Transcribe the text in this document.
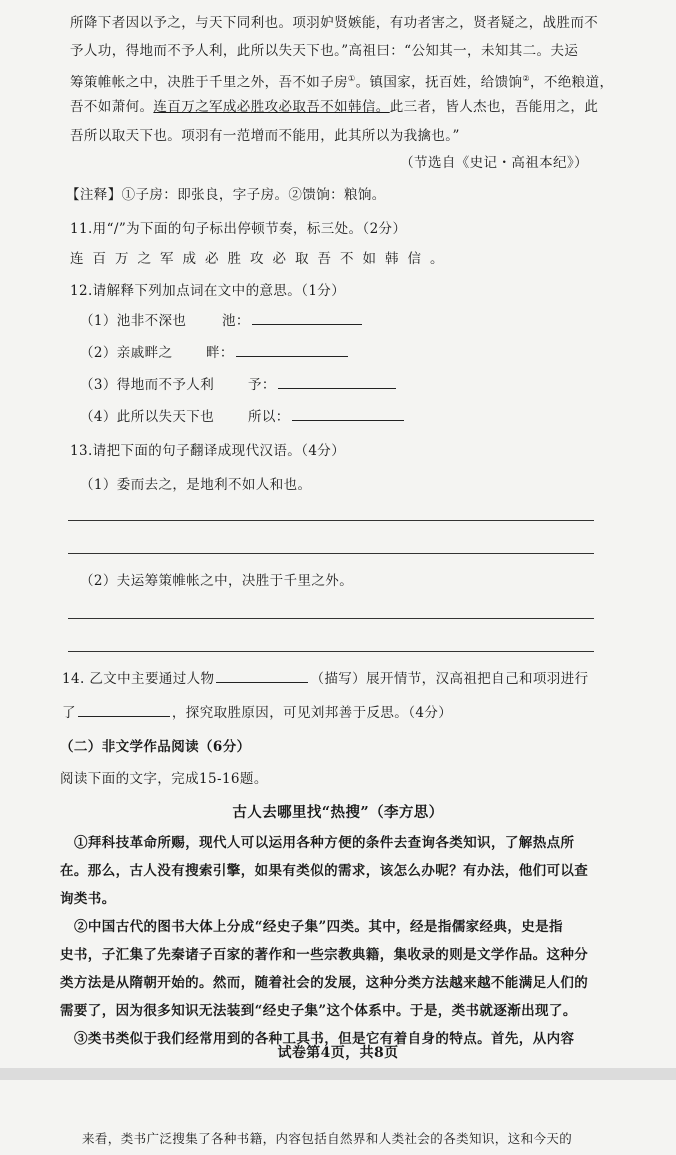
所降下者因以予之，与天下同利也。项羽妒贤嫉能，有功者害之，贤者疑之，战胜而不
予人功，得地而不予人利，此所以失天下也。”高祖曰：“公知其一，未知其二。夫运
筹策帷帐之中，决胜于千里之外，吾不如子房①。镇国家，抚百姓，给馈饷②，不绝粮道，
吾不如萧何。连百万之军成必胜攻必取吾不如韩信。此三者，皆人杰也，吾能用之，此
吾所以取天下也。项羽有一范增而不能用，此其所以为我擒也。”
（节选自《史记・高祖本纪》）
【注释】①子房：即张良，字子房。②馈饷：粮饷。
11.用“/”为下面的句子标出停顿节奏，标三处。（2分）
连百万之军成必胜攻必取吾不如韩信。
12.请解释下列加点词在文中的意思。（1分）
（1）池非不深也	池：
（2）亲戚畔之 畔：
（3）得地而不予人利	予：
（4）此所以失天下也	所以：
13.请把下面的句子翻译成现代汉语。（4分）
（1）委而去之，是地利不如人和也。
（2）夫运筹策帷帐之中，决胜于千里之外。
14. 乙文中主要通过人物	（描写）展开情节，汉高祖把自己和项羽进行
了	，探究取胜原因，可见刘邦善于反思。（4分）
（二）非文学作品阅读（6分）
阅读下面的文字，完成15-16题。
古人去哪里找“热搜”（李方思）
①拜科技革命所赐，现代人可以运用各种方便的条件去查询各类知识，了解热点所
在。那么，古人没有搜索引擎，如果有类似的需求，该怎么办呢？有办法，他们可以查
询类书。
②中国古代的图书大体上分成“经史子集”四类。其中，经是指儒家经典，史是指
史书，子汇集了先秦诸子百家的著作和一些宗教典籍，集收录的则是文学作品。这种分
类方法是从隋朝开始的。然而，随着社会的发展，这种分类方法越来越不能满足人们的
需要了，因为很多知识无法装到“经史子集”这个体系中。于是，类书就逐渐出现了。
③类书类似于我们经常用到的各种工具书，但是它有着自身的特点。首先，从内容
试卷第4页，共8页
来看，类书广泛搜集了各种书籍，内容包括自然界和人类社会的各类知识，这和今天的
